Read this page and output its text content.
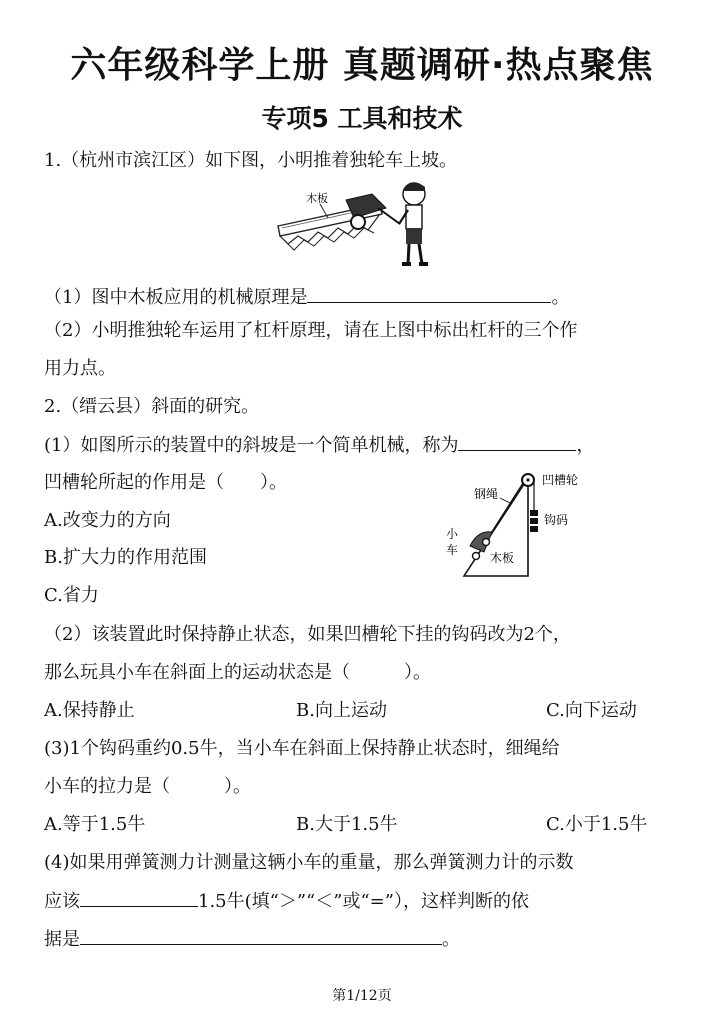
六年级科学上册 真题调研·热点聚焦
专项5 工具和技术
1.（杭州市滨江区）如下图，小明推着独轮车上坡。
木板
（1）图中木板应用的机械原理是	。
（2）小明推独轮车运用了杠杆原理，请在上图中标出杠杆的三个作
用力点。
2.（缙云县）斜面的研究。
(1）如图所示的装置中的斜坡是一个简单机械，称为	，
凹槽轮所起的作用是（　　）。
A.改变力的方向
B.扩大力的作用范围
C.省力
钢绳
凹槽轮
钩码
小
车
木板
（2）该装置此时保持静止状态，如果凹槽轮下挂的钩码改为2个，
那么玩具小车在斜面上的运动状态是（　　　）。
A.保持静止	B.向上运动	C.向下运动
(3)1个钩码重约0.5牛，当小车在斜面上保持静止状态时，细绳给
小车的拉力是（　　　）。
A.等于1.5牛	B.大于1.5牛	C.小于1.5牛
(4)如果用弹簧测力计测量这辆小车的重量，那么弹簧测力计的示数
应该	1.5牛(填“＞”“＜”或“=”），这样判断的依
据是	。
第1/12页
